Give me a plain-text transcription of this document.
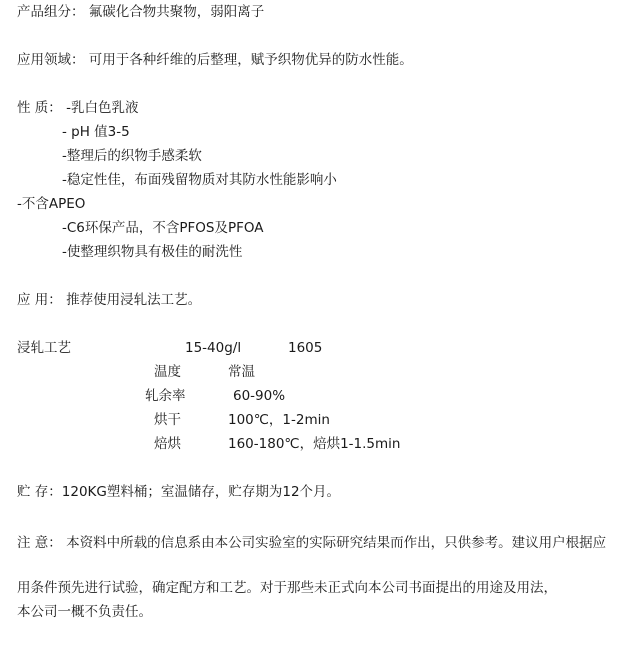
产品组分： 氟碳化合物共聚物，弱阳离子
应用领域： 可用于各种纤维的后整理，赋予织物优异的防水性能。
性 质： -乳白色乳液
- pH 值3-5
-整理后的织物手感柔软
-稳定性佳，布面残留物质对其防水性能影响小
-不含APEO
-C6环保产品，不含PFOS及PFOA
-使整理织物具有极佳的耐洗性
应 用： 推荐使用浸轧法工艺。
浸轧工艺	15-40g/l	1605
温度	常温
轧余率	60-90%
烘干	100℃，1-2min
焙烘	160-180℃，焙烘1-1.5min
贮 存：120KG塑料桶；室温储存，贮存期为12个月。
注 意： 本资料中所载的信息系由本公司实验室的实际研究结果而作出，只供参考。建议用户根据应
用条件预先进行试验，确定配方和工艺。对于那些未正式向本公司书面提出的用途及用法，
本公司一概不负责任。
